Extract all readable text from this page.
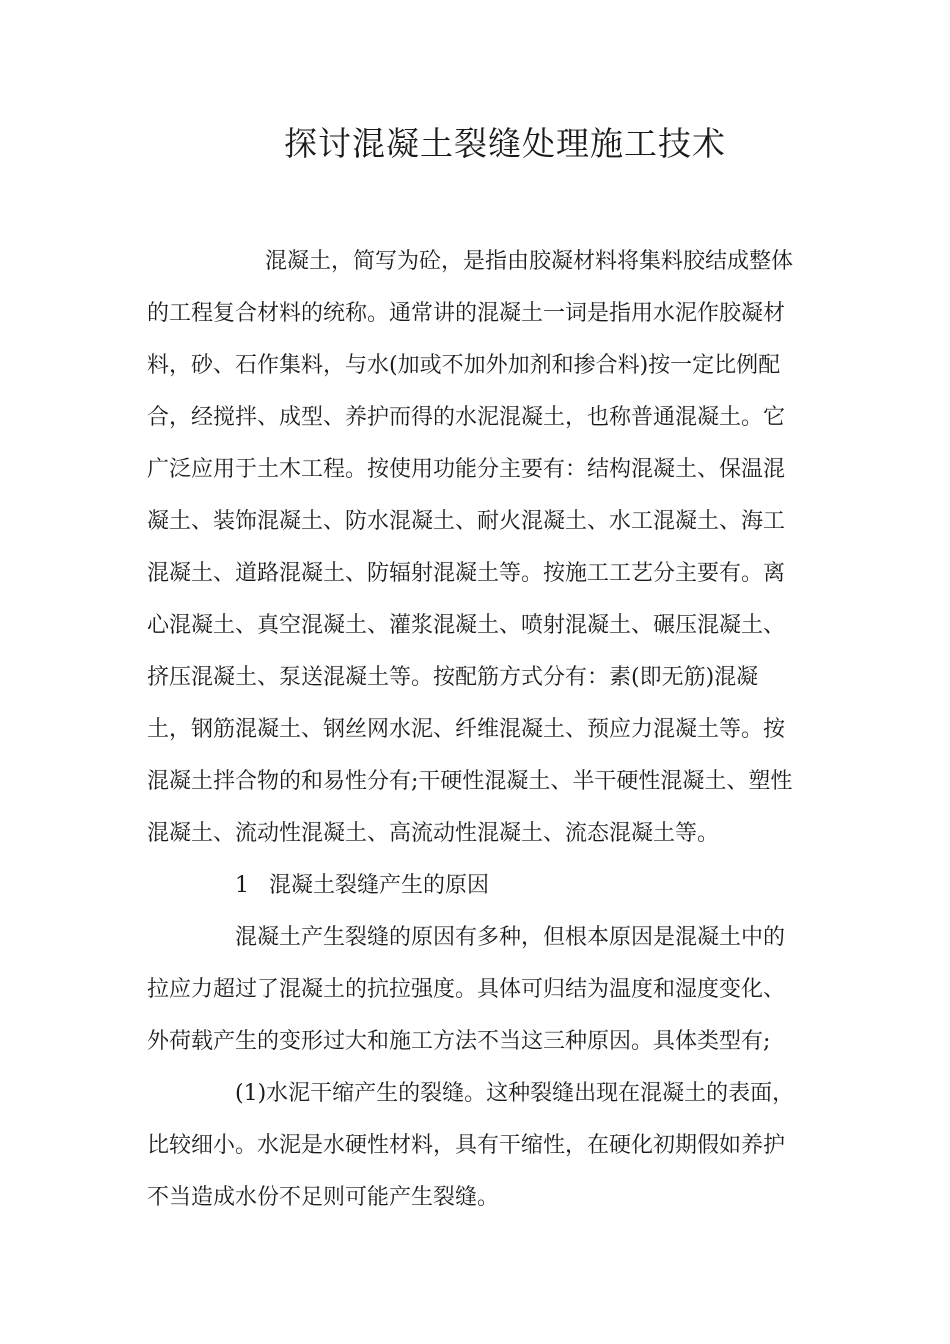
探讨混凝土裂缝处理施工技术

混凝土，简写为砼，是指由胶凝材料将集料胶结成整体

的工程复合材料的统称。通常讲的混凝土一词是指用水泥作胶凝材

料，砂、石作集料，与水(加或不加外加剂和掺合料)按一定比例配

合，经搅拌、成型、养护而得的水泥混凝土，也称普通混凝土。它

广泛应用于土木工程。按使用功能分主要有：结构混凝土、保温混

凝土、装饰混凝土、防水混凝土、耐火混凝土、水工混凝土、海工

混凝土、道路混凝土、防辐射混凝土等。按施工工艺分主要有。离

心混凝土、真空混凝土、灌浆混凝土、喷射混凝土、碾压混凝土、

挤压混凝土、泵送混凝土等。按配筋方式分有：素(即无筋)混凝

土，钢筋混凝土、钢丝网水泥、纤维混凝土、预应力混凝土等。按

混凝土拌合物的和易性分有;干硬性混凝土、半干硬性混凝土、塑性

混凝土、流动性混凝土、高流动性混凝土、流态混凝土等。

1 混凝土裂缝产生的原因

混凝土产生裂缝的原因有多种，但根本原因是混凝土中的

拉应力超过了混凝土的抗拉强度。具体可归结为温度和湿度变化、

外荷载产生的变形过大和施工方法不当这三种原因。具体类型有;

(1)水泥干缩产生的裂缝。这种裂缝出现在混凝土的表面，

比较细小。水泥是水硬性材料，具有干缩性，在硬化初期假如养护

不当造成水份不足则可能产生裂缝。
